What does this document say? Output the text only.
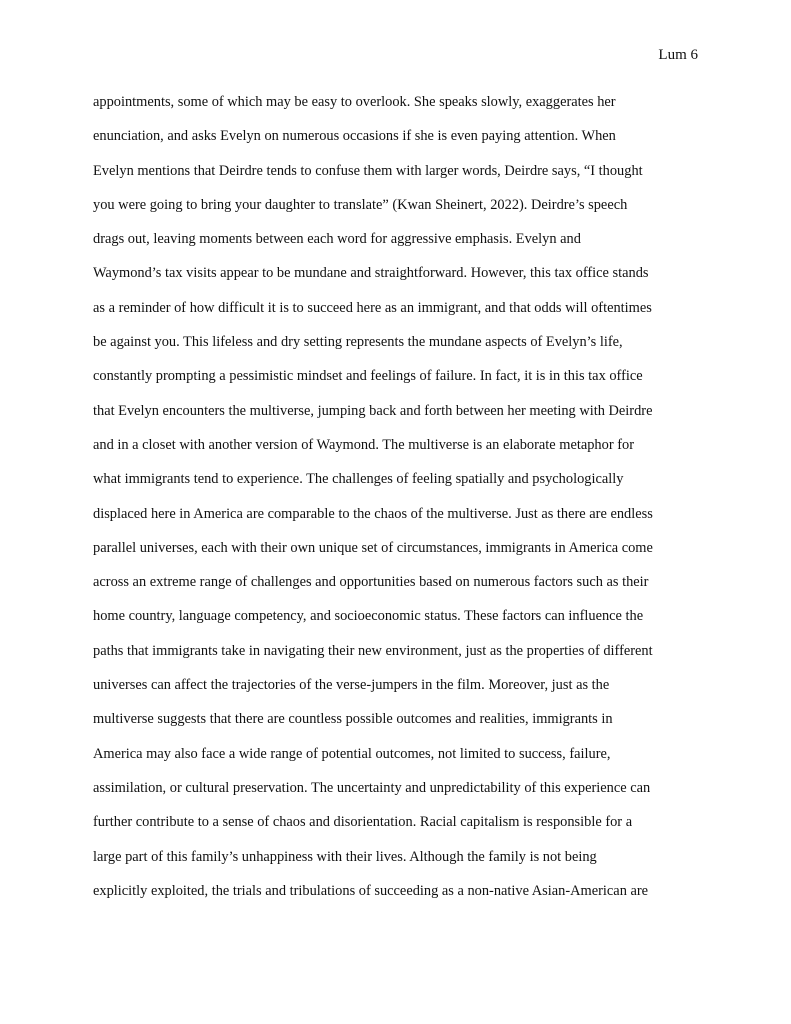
Lum 6
appointments, some of which may be easy to overlook. She speaks slowly, exaggerates her
enunciation, and asks Evelyn on numerous occasions if she is even paying attention. When
Evelyn mentions that Deirdre tends to confuse them with larger words, Deirdre says, “I thought
you were going to bring your daughter to translate” (Kwan Sheinert, 2022). Deirdre’s speech
drags out, leaving moments between each word for aggressive emphasis. Evelyn and
Waymond’s tax visits appear to be mundane and straightforward. However, this tax office stands
as a reminder of how difficult it is to succeed here as an immigrant, and that odds will oftentimes
be against you. This lifeless and dry setting represents the mundane aspects of Evelyn’s life,
constantly prompting a pessimistic mindset and feelings of failure. In fact, it is in this tax office
that Evelyn encounters the multiverse, jumping back and forth between her meeting with Deirdre
and in a closet with another version of Waymond. The multiverse is an elaborate metaphor for
what immigrants tend to experience. The challenges of feeling spatially and psychologically
displaced here in America are comparable to the chaos of the multiverse. Just as there are endless
parallel universes, each with their own unique set of circumstances, immigrants in America come
across an extreme range of challenges and opportunities based on numerous factors such as their
home country, language competency, and socioeconomic status. These factors can influence the
paths that immigrants take in navigating their new environment, just as the properties of different
universes can affect the trajectories of the verse-jumpers in the film. Moreover, just as the
multiverse suggests that there are countless possible outcomes and realities, immigrants in
America may also face a wide range of potential outcomes, not limited to success, failure,
assimilation, or cultural preservation. The uncertainty and unpredictability of this experience can
further contribute to a sense of chaos and disorientation. Racial capitalism is responsible for a
large part of this family’s unhappiness with their lives. Although the family is not being
explicitly exploited, the trials and tribulations of succeeding as a non-native Asian-American are
